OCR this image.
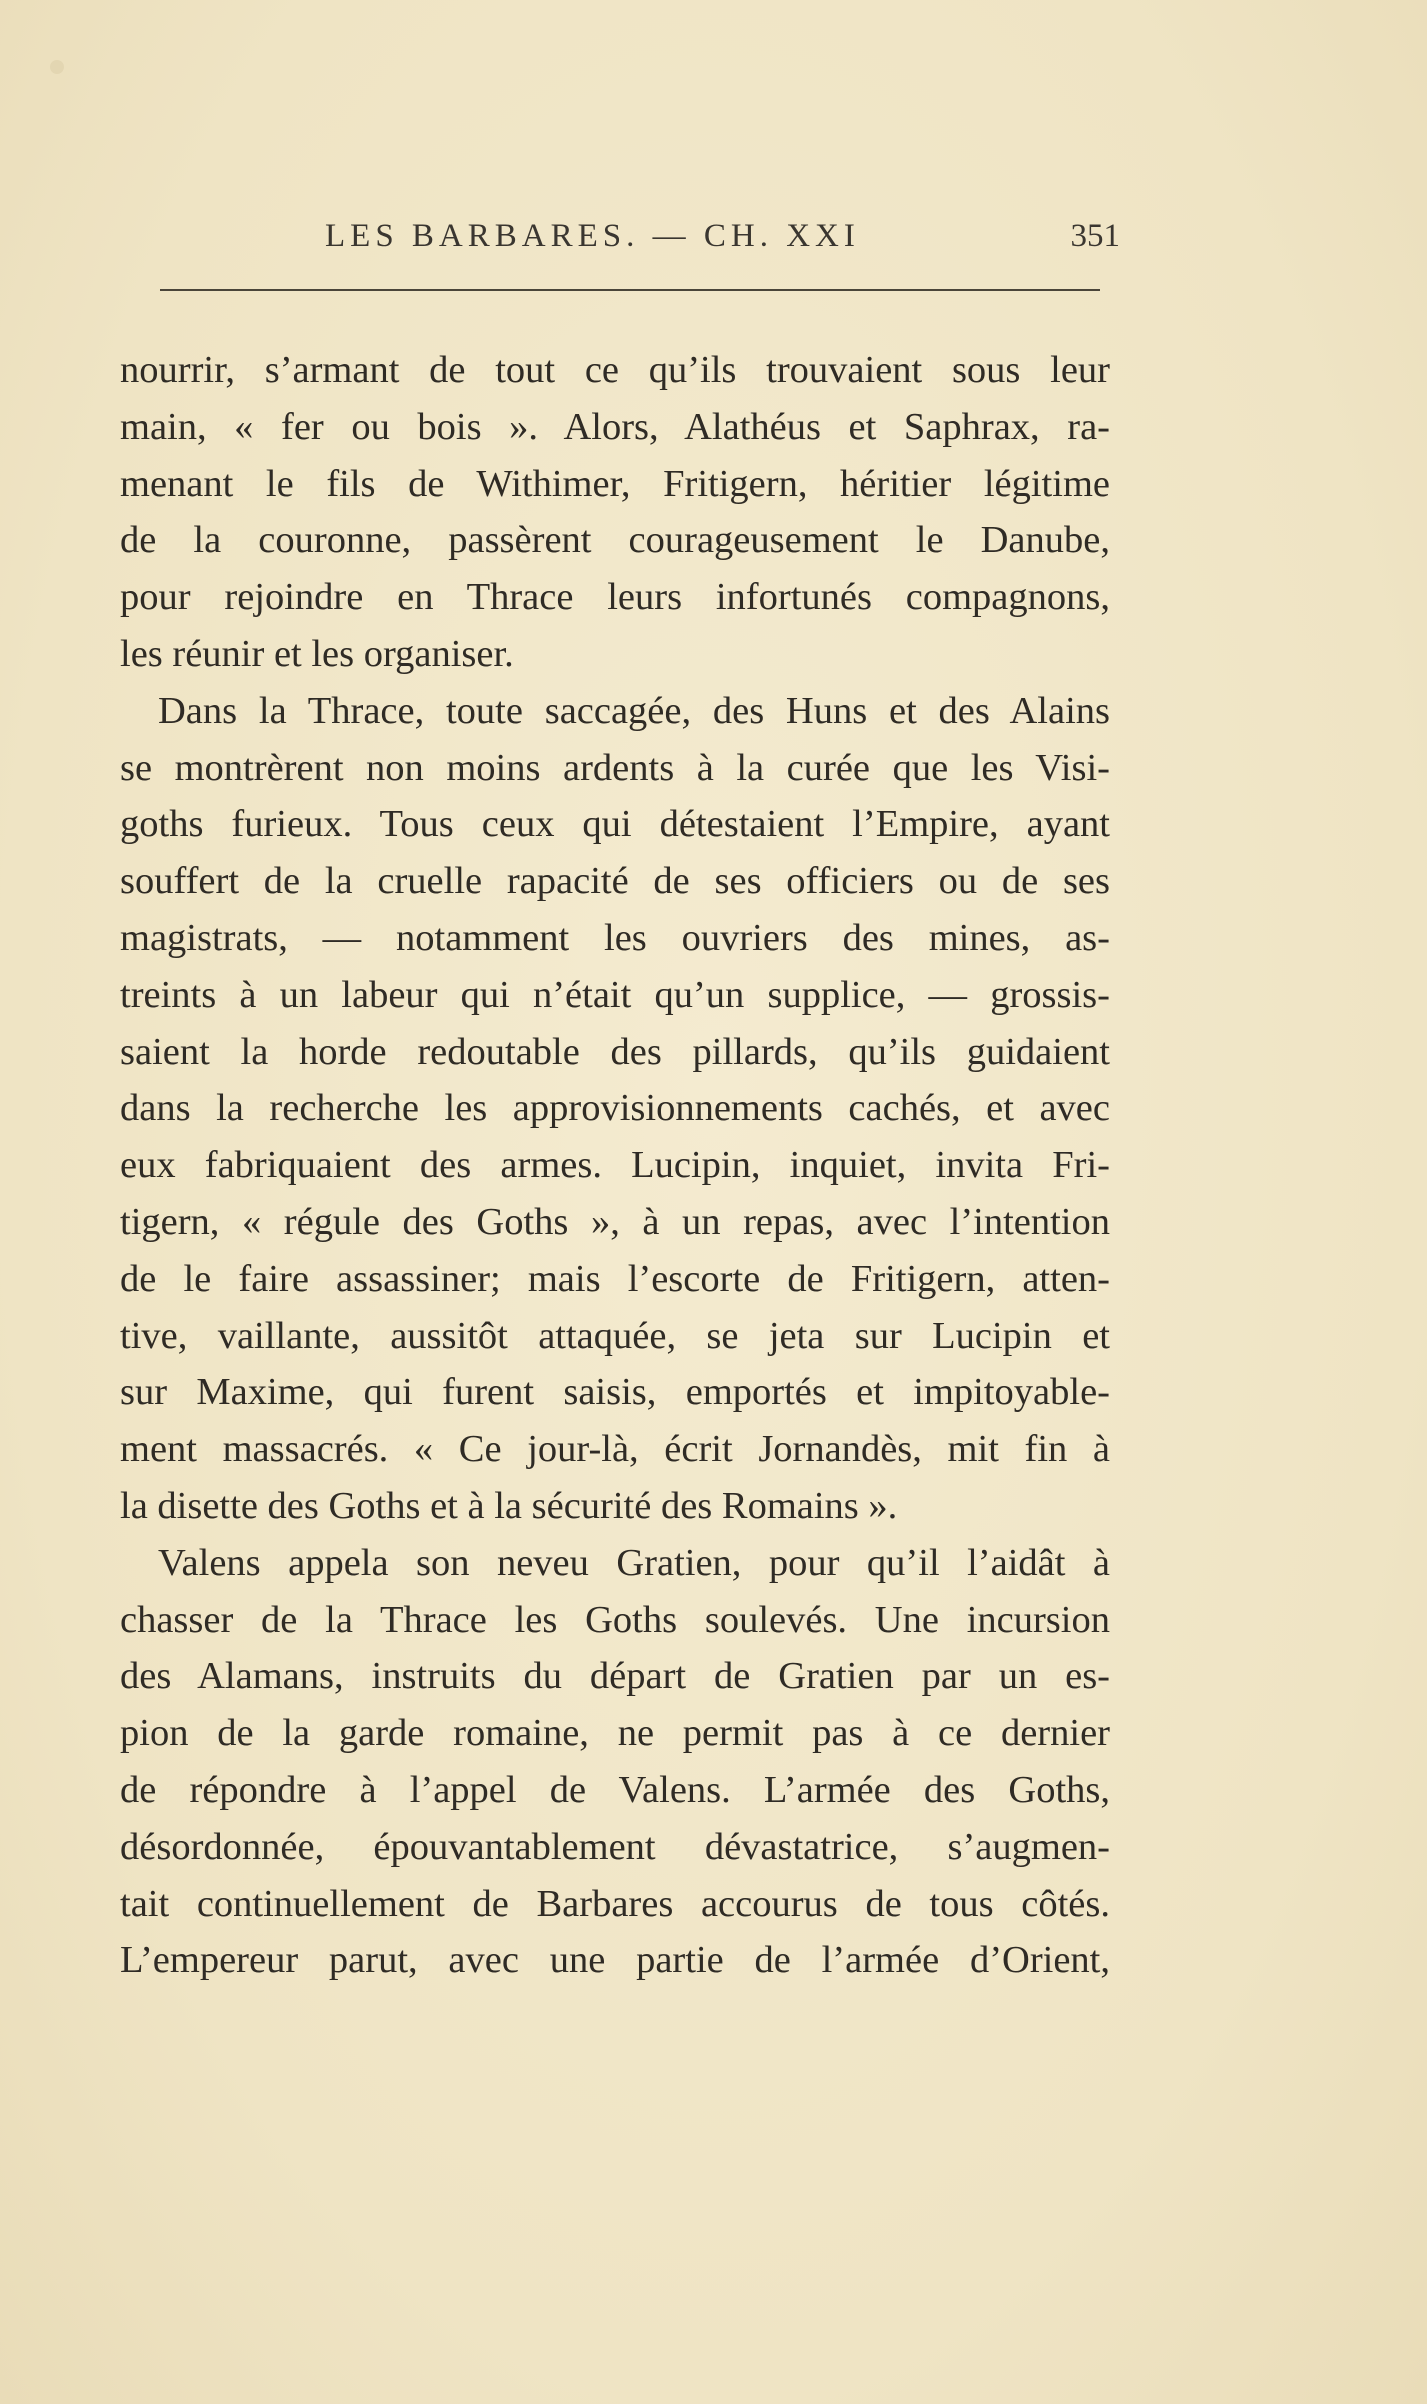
LES BARBARES. — CH. XXI	351
nourrir, s’armant de tout ce qu’ils trouvaient sous leur
main, « fer ou bois ». Alors, Alathéus et Saphrax, ra-
menant le fils de Withimer, Fritigern, héritier légitime
de la couronne, passèrent courageusement le Danube,
pour rejoindre en Thrace leurs infortunés compagnons,
les réunir et les organiser.
Dans la Thrace, toute saccagée, des Huns et des Alains
se montrèrent non moins ardents à la curée que les Visi-
goths furieux. Tous ceux qui détestaient l’Empire, ayant
souffert de la cruelle rapacité de ses officiers ou de ses
magistrats, — notamment les ouvriers des mines, as-
treints à un labeur qui n’était qu’un supplice, — grossis-
saient la horde redoutable des pillards, qu’ils guidaient
dans la recherche les approvisionnements cachés, et avec
eux fabriquaient des armes. Lucipin, inquiet, invita Fri-
tigern, « régule des Goths », à un repas, avec l’intention
de le faire assassiner; mais l’escorte de Fritigern, atten-
tive, vaillante, aussitôt attaquée, se jeta sur Lucipin et
sur Maxime, qui furent saisis, emportés et impitoyable-
ment massacrés. « Ce jour-là, écrit Jornandès, mit fin à
la disette des Goths et à la sécurité des Romains ».
Valens appela son neveu Gratien, pour qu’il l’aidât à
chasser de la Thrace les Goths soulevés. Une incursion
des Alamans, instruits du départ de Gratien par un es-
pion de la garde romaine, ne permit pas à ce dernier
de répondre à l’appel de Valens. L’armée des Goths,
désordonnée, épouvantablement dévastatrice, s’augmen-
tait continuellement de Barbares accourus de tous côtés.
L’empereur parut, avec une partie de l’armée d’Orient,
